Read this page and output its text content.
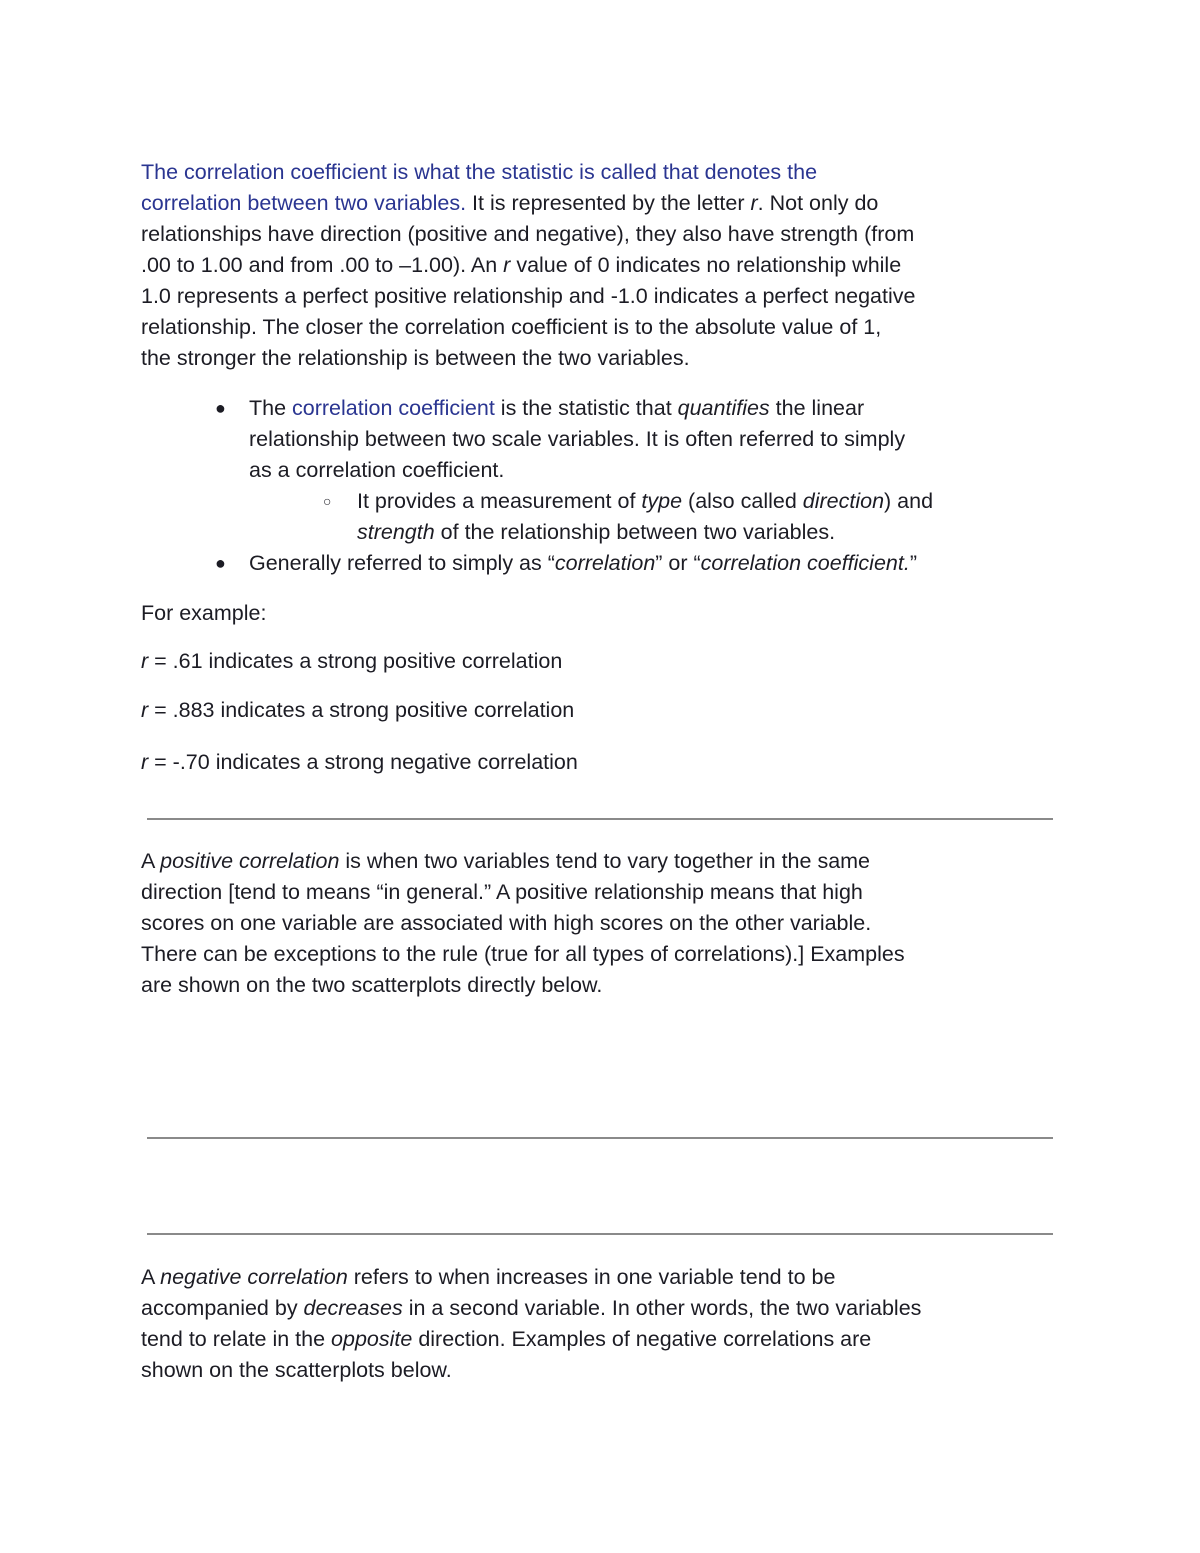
The correlation coefficient is what the statistic is called that denotes the
correlation between two variables. It is represented by the letter r. Not only do
relationships have direction (positive and negative), they also have strength (from
.00 to 1.00 and from .00 to –1.00). An r value of 0 indicates no relationship while
1.0 represents a perfect positive relationship and -1.0 indicates a perfect negative
relationship. The closer the correlation coefficient is to the absolute value of 1,
the stronger the relationship is between the two variables.
● The correlation coefficient is the statistic that quantifies the linear
relationship between two scale variables. It is often referred to simply
as a correlation coefficient.
○ It provides a measurement of type (also called direction) and
strength of the relationship between two variables.
● Generally referred to simply as “correlation” or “correlation coefficient.”
For example:
r = .61 indicates a strong positive correlation
r = .883 indicates a strong positive correlation
r = -.70 indicates a strong negative correlation
A positive correlation is when two variables tend to vary together in the same
direction [tend to means “in general.” A positive relationship means that high
scores on one variable are associated with high scores on the other variable.
There can be exceptions to the rule (true for all types of correlations).] Examples
are shown on the two scatterplots directly below.
A negative correlation refers to when increases in one variable tend to be
accompanied by decreases in a second variable. In other words, the two variables
tend to relate in the opposite direction. Examples of negative correlations are
shown on the scatterplots below.
